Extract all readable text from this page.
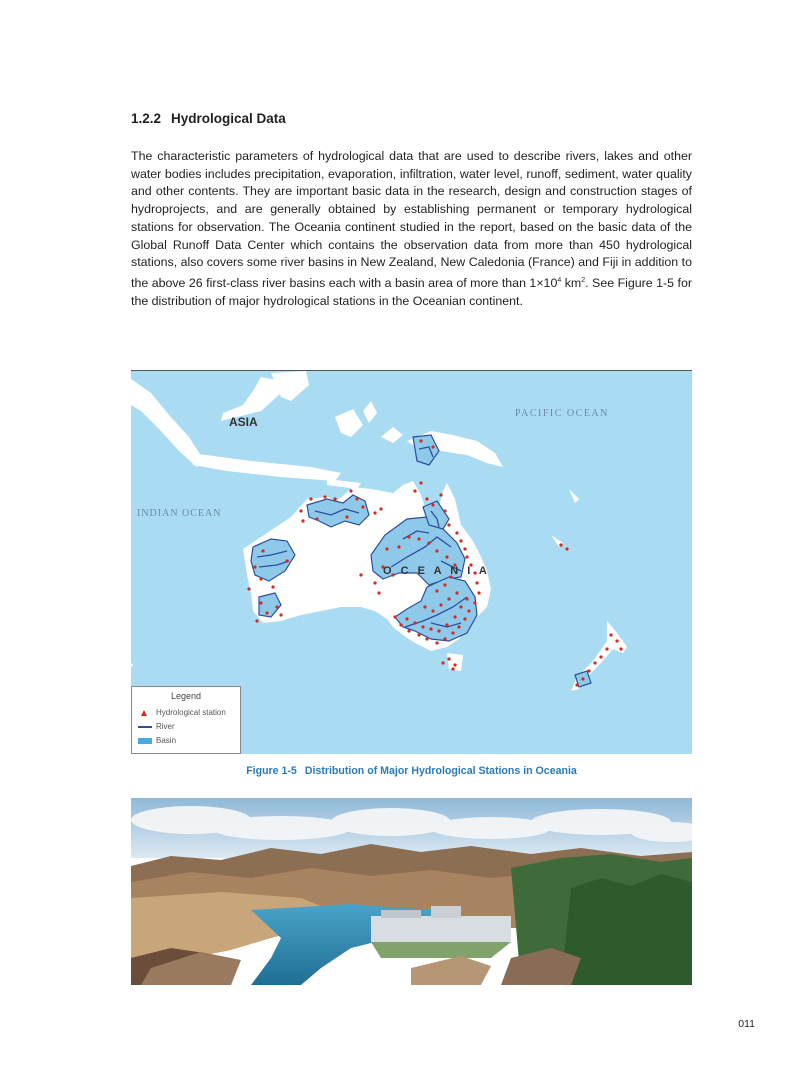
1.2.2 Hydrological Data

The characteristic parameters of hydrological data that are used to describe rivers, lakes and other water bodies includes precipitation, evaporation, infiltration, water level, runoff, sediment, water quality and other contents. They are important basic data in the research, design and construction stages of hydroprojects, and are generally obtained by establishing permanent or temporary hydrological stations for observation. The Oceania continent studied in the report, based on the basic data of the Global Runoff Data Center which contains the observation data from more than 450 hydrological stations, also covers some river basins in New Zealand, New Caledonia (France) and Fiji in addition to the above 26 first-class river basins each with a basin area of more than $1\times 10^4$ $km^2$. See Figure 1-5 for the distribution of major hydrological stations in the Oceanian continent.

ASIA
PACIFIC OCEAN
INDIAN OCEAN
O C E A N I A
Legend
Hydrological station
River
Basin

Figure 1-5 Distribution of Major Hydrological Stations in Oceania

011
